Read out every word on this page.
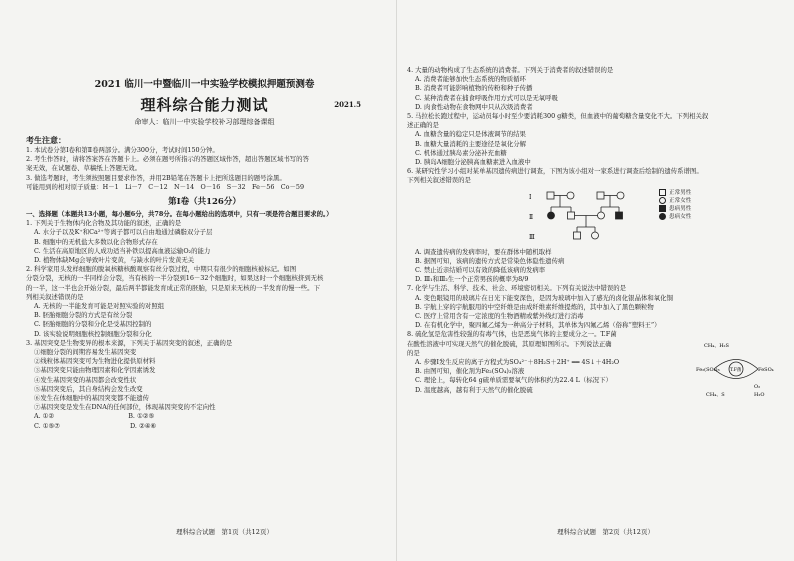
2021 临川一中暨临川一中实验学校模拟押题预测卷
理科综合能力测试	2021.5
命审人：临川一中实验学校补习部理综备课组
考生注意：
1. 本试卷分第Ⅰ卷和第Ⅱ卷两部分。满分300分，考试时间150分钟。
2. 考生作答时，请将答案答在答题卡上。必须在题号所指示的答题区域作答，超出答题区域书写的答
案无效，在试题卷、草稿纸上答题无效。
3. 做选考题时，考生须按照题目要求作答，并用2B铅笔在答题卡上把所选题目的题号涂黑。
可能用到的相对原子质量：H－1　Li－7　C－12　N－14　O－16　S－32　Fe－56　Co－59
第Ⅰ卷（共126分）
一、选择题（本题共13小题，每小题6分，共78分。在每小题给出的选项中，只有一项是符合题目要求的。）
1. 下列关于生物体内化合物及其功能的叙述，正确的是
A. 水分子以及K⁺和Ca²⁺等离子都可以自由地通过磷脂双分子层
B. 细胞中的无机盐大多数以化合物形式存在
C. 生活在高原地区的人成功适当补铁以提高血液运输O₂的能力
D. 植物体缺Mg会导致叶片变黄，与缺水的叶片发黄无关
2. 科学家用头发样细胞的脱氧核糖核酸观察有丝分裂过程，中期只有很少的细胞核被标记。如图
分裂分裂，无核的一半同样会分裂，当有核的一半分裂到16－32个细胞时，如果这时一个细胞核挤到无核
的一半，这一半也会开始分裂，最后两半都能发育成正常的胚胎，只是原来无核的一半发育的慢一些。下
列相关叙述错误的是
A. 无核的一半能发育可能是对照实验的对照组
B. 胚胎细胞分裂的方式是有丝分裂
C. 胚胎细胞的分裂和分化是受基因控制的
D. 该实验说明细胞核控制细胞分裂和分化
3. 基因突变是生物变异的根本来源，下列关于基因突变的叙述，正确的是
①细胞分裂的间期容易发生基因突变
②线粒体基因突变可为生物进化提供原材料
③基因突变只能由物理因素和化学因素诱发
④发生基因突变的基因都会改变性状
⑤基因突变后，其自身结构会发生改变
⑥发生在体细胞中的基因突变都不能遗传
⑦基因突变是发生在DNA的任何部位，体现基因突变的不定向性
A. ①②	B. ①②⑤
C. ①⑤⑦	D. ②④⑥
理科综合试题　第1页（共12页）
4. 大量的动物构成了生态系统的消费者。下列关于消费者的叙述错误的是
A. 消费者能够加快生态系统的物质循环
B. 消费者可能影响植物的传粉和种子传播
C. 某种消费者在捕食呼吸作用方式可以是无氧呼吸
D. 肉食性动物在食物网中只从次级消费者
5. 马拉松长跑过程中，运动员每小时至少要消耗300 g糖类，但血液中的葡萄糖含量变化不大。下列相关叙
述正确的是
A. 血糖含量的稳定只是体液调节的结果
B. 血糖大量消耗的主要途径是氧化分解
C. 机体通过胰岛素分泌补充血糖
D. 胰岛A细胞分泌胰高血糖素进入血液中
6. 某研究性学习小组对某单基因遗传病进行调查，下图为该小组对一家系进行调查后绘制的遗传系谱图。
下列相关叙述错误的是
Ⅰ
Ⅱ
Ⅲ
正常男性
正常女性
患病男性
患病女性
A. 调查遗传病的发病率时，要在群体中随机取样
B. 据图可知，该病的遗传方式是常染色体隐性遗传病
C. 禁止近亲结婚可以有效的降低该病的发病率
D. Ⅲ₁和Ⅲ₂生一个正常男孩的概率为8/9
7. 化学与生活、科学、技术、社会、环境密切相关。下列有关说法中错误的是
A. 变色眼镜用的玻璃片在日光下能变深色，是因为玻璃中加入了感光的卤化银晶体和氧化铜
B. 宇航上穿的宇航服用的中空纤维是由成纤维素纤维提炼的，其中加入了黑色颗粒物
C. 医疗上常用含有一定浓度的生物酒精或紫外线灯进行消毒
D. 在有机化学中，聚四氟乙烯为一种高分子材料，其单体为四氟乙烯（俗称“塑料王”）
8. 硫化氢是危害性较强的有毒气体，也是恶臭气体的主要成分之一。T.F菌
在酸性溶液中可实现天然气的催化脱硫，其原理如图所示。下列说法正确
的是
A. 步骤Ⅰ发生反应的离子方程式为SO₄²⁻＋8H₂S＋2H⁺ ══ 4S↓＋4H₂O
B. 由图可知，催化剂为Fe₂(SO₄)₃溶液
C. 理论上，每转化64 g硫单质需要氧气的体积约为22.4 L（标况下）
D. 温度越高，越有利于天然气的催化脱硫
CH₄、H₂S
Fe₂(SO₄)₃ T.F菌	FeSO₄
CH₄、S
O₂
H₂O
理科综合试题　第2页（共12页）
